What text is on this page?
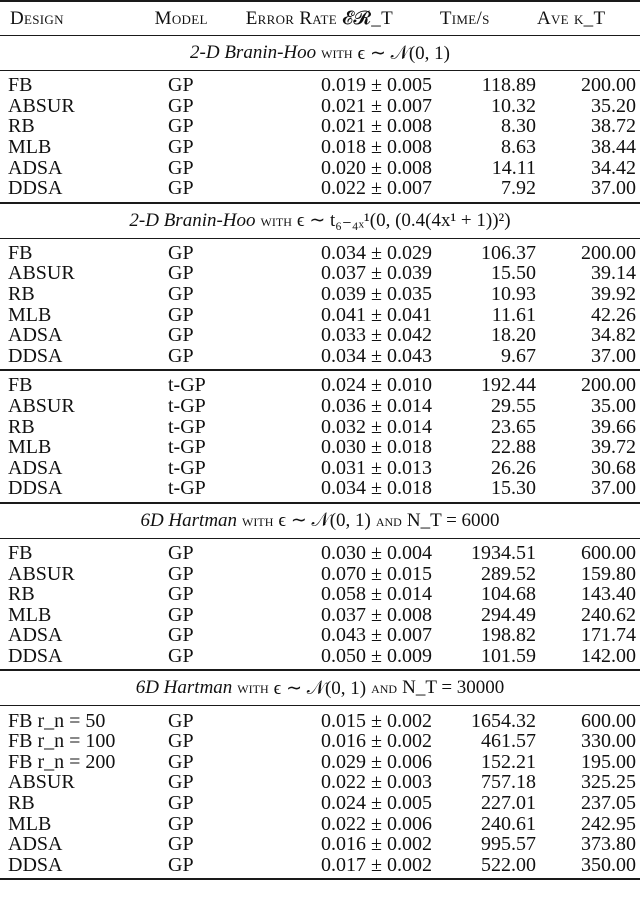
Design	Model	Error Rate 𝓔𝓡_T	Time/s	Ave k_T
2-D Branin-Hoo with ϵ ∼ 𝒩(0, 1)
FB	GP	0.019 ± 0.005	118.89	200.00
ABSUR	GP	0.021 ± 0.007	10.32	35.20
RB	GP	0.021 ± 0.008	8.30	38.72
MLB	GP	0.018 ± 0.008	8.63	38.44
ADSA	GP	0.020 ± 0.008	14.11	34.42
DDSA	GP	0.022 ± 0.007	7.92	37.00
2-D Branin-Hoo with ϵ ∼ t₆₋₄ₓ¹(0, (0.4(4x¹ + 1))²)
FB	GP	0.034 ± 0.029	106.37	200.00
ABSUR	GP	0.037 ± 0.039	15.50	39.14
RB	GP	0.039 ± 0.035	10.93	39.92
MLB	GP	0.041 ± 0.041	11.61	42.26
ADSA	GP	0.033 ± 0.042	18.20	34.82
DDSA	GP	0.034 ± 0.043	9.67	37.00
FB	t-GP	0.024 ± 0.010	192.44	200.00
ABSUR	t-GP	0.036 ± 0.014	29.55	35.00
RB	t-GP	0.032 ± 0.014	23.65	39.66
MLB	t-GP	0.030 ± 0.018	22.88	39.72
ADSA	t-GP	0.031 ± 0.013	26.26	30.68
DDSA	t-GP	0.034 ± 0.018	15.30	37.00
6D Hartman with ϵ ∼ 𝒩(0, 1) and N_T = 6000
FB	GP	0.030 ± 0.004	1934.51	600.00
ABSUR	GP	0.070 ± 0.015	289.52	159.80
RB	GP	0.058 ± 0.014	104.68	143.40
MLB	GP	0.037 ± 0.008	294.49	240.62
ADSA	GP	0.043 ± 0.007	198.82	171.74
DDSA	GP	0.050 ± 0.009	101.59	142.00
6D Hartman with ϵ ∼ 𝒩(0, 1) and N_T = 30000
FB r_n = 50	GP	0.015 ± 0.002	1654.32	600.00
FB r_n = 100	GP	0.016 ± 0.002	461.57	330.00
FB r_n = 200	GP	0.029 ± 0.006	152.21	195.00
ABSUR	GP	0.022 ± 0.003	757.18	325.25
RB	GP	0.024 ± 0.005	227.01	237.05
MLB	GP	0.022 ± 0.006	240.61	242.95
ADSA	GP	0.016 ± 0.002	995.57	373.80
DDSA	GP	0.017 ± 0.002	522.00	350.00
